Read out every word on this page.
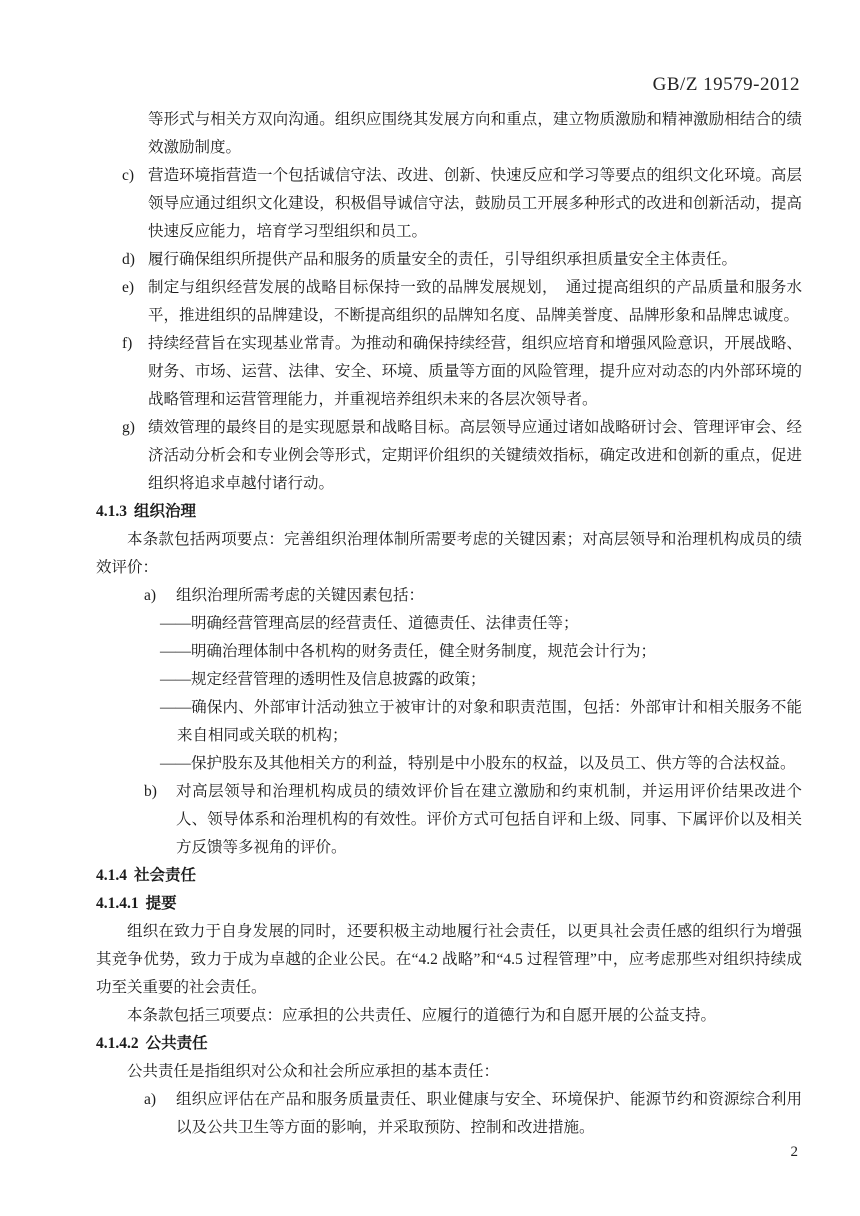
GB/Z 19579-2012
等形式与相关方双向沟通。组织应围绕其发展方向和重点，建立物质激励和精神激励相结合的绩效激励制度。
c) 营造环境指营造一个包括诚信守法、改进、创新、快速反应和学习等要点的组织文化环境。高层领导应通过组织文化建设，积极倡导诚信守法，鼓励员工开展多种形式的改进和创新活动，提高快速反应能力，培育学习型组织和员工。
d) 履行确保组织所提供产品和服务的质量安全的责任，引导组织承担质量安全主体责任。
e) 制定与组织经营发展的战略目标保持一致的品牌发展规划，　通过提高组织的产品质量和服务水平，推进组织的品牌建设，不断提高组织的品牌知名度、品牌美誉度、品牌形象和品牌忠诚度。
f)	持续经营旨在实现基业常青。为推动和确保持续经营，组织应培育和增强风险意识，开展战略、财务、市场、运营、法律、安全、环境、质量等方面的风险管理，提升应对动态的内外部环境的战略管理和运营管理能力，并重视培养组织未来的各层次领导者。
g) 绩效管理的最终目的是实现愿景和战略目标。高层领导应通过诸如战略研讨会、管理评审会、经济活动分析会和专业例会等形式，定期评价组织的关键绩效指标，确定改进和创新的重点，促进组织将追求卓越付诸行动。
4.1.3 组织治理
本条款包括两项要点：完善组织治理体制所需要考虑的关键因素；对高层领导和治理机构成员的绩效评价：
a)	组织治理所需考虑的关键因素包括：
——明确经营管理高层的经营责任、道德责任、法律责任等；
——明确治理体制中各机构的财务责任，健全财务制度，规范会计行为；
——规定经营管理的透明性及信息披露的政策；
——确保内、外部审计活动独立于被审计的对象和职责范围，包括：外部审计和相关服务不能来自相同或关联的机构；
——保护股东及其他相关方的利益，特别是中小股东的权益，以及员工、供方等的合法权益。
b)	对高层领导和治理机构成员的绩效评价旨在建立激励和约束机制，并运用评价结果改进个人、领导体系和治理机构的有效性。评价方式可包括自评和上级、同事、下属评价以及相关方反馈等多视角的评价。
4.1.4 社会责任
4.1.4.1 提要
组织在致力于自身发展的同时，还要积极主动地履行社会责任，以更具社会责任感的组织行为增强其竞争优势，致力于成为卓越的企业公民。在“4.2 战略”和“4.5 过程管理”中，应考虑那些对组织持续成功至关重要的社会责任。
本条款包括三项要点：应承担的公共责任、应履行的道德行为和自愿开展的公益支持。
4.1.4.2 公共责任
公共责任是指组织对公众和社会所应承担的基本责任：
a)	组织应评估在产品和服务质量责任、职业健康与安全、环境保护、能源节约和资源综合利用以及公共卫生等方面的影响，并采取预防、控制和改进措施。
2
